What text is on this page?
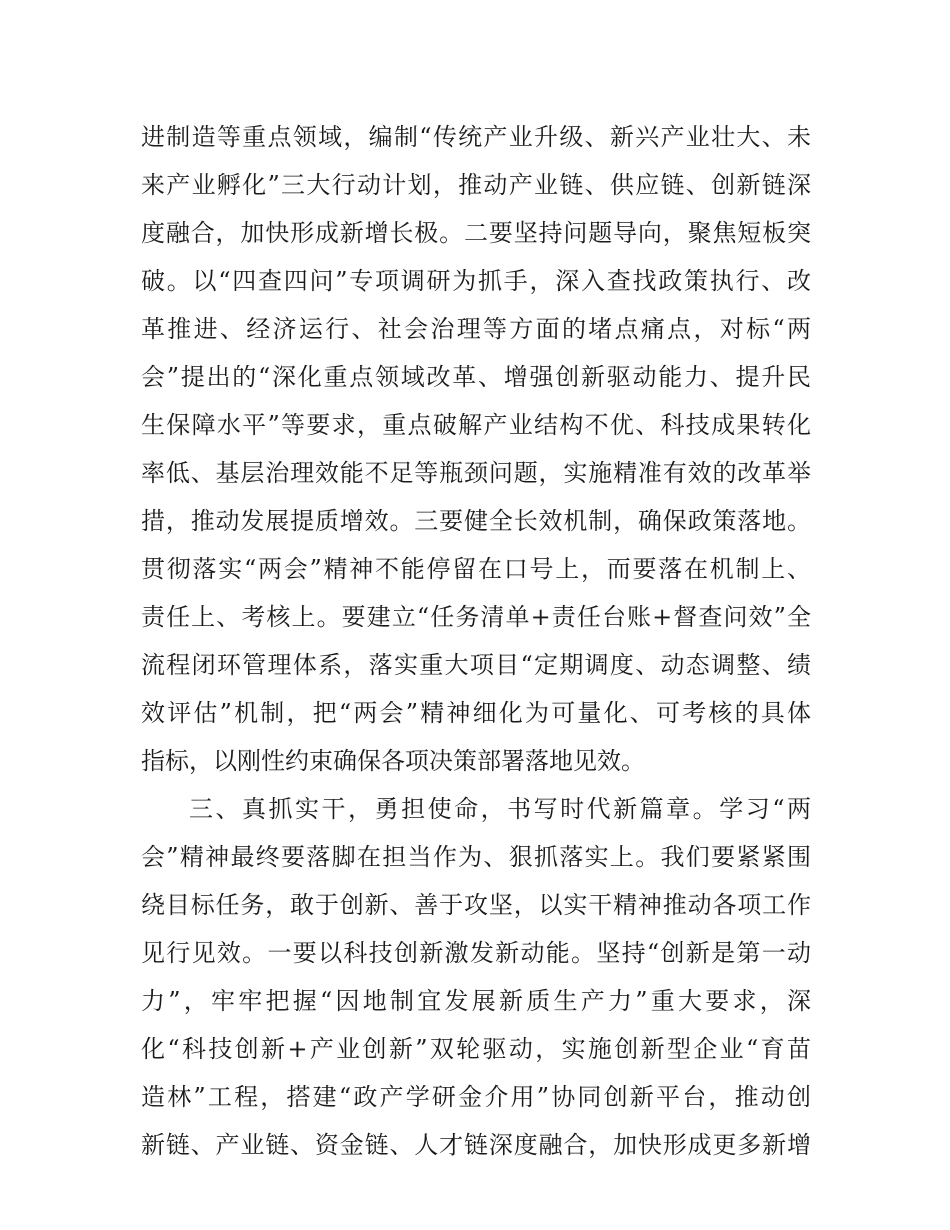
进制造等重点领域，编制“传统产业升级、新兴产业壮大、未
来产业孵化”三大行动计划，推动产业链、供应链、创新链深
度融合，加快形成新增长极。二要坚持问题导向，聚焦短板突
破。以“四查四问”专项调研为抓手，深入查找政策执行、改
革推进、经济运行、社会治理等方面的堵点痛点，对标“两
会”提出的“深化重点领域改革、增强创新驱动能力、提升民
生保障水平”等要求，重点破解产业结构不优、科技成果转化
率低、基层治理效能不足等瓶颈问题，实施精准有效的改革举
措，推动发展提质增效。三要健全长效机制，确保政策落地。
贯彻落实“两会”精神不能停留在口号上，而要落在机制上、
责任上、考核上。要建立“任务清单+责任台账+督查问效”全
流程闭环管理体系，落实重大项目“定期调度、动态调整、绩
效评估”机制，把“两会”精神细化为可量化、可考核的具体
指标，以刚性约束确保各项决策部署落地见效。
三、真抓实干，勇担使命，书写时代新篇章。学习“两
会”精神最终要落脚在担当作为、狠抓落实上。我们要紧紧围
绕目标任务，敢于创新、善于攻坚，以实干精神推动各项工作
见行见效。一要以科技创新激发新动能。坚持“创新是第一动
力”，牢牢把握“因地制宜发展新质生产力”重大要求，深
化“科技创新+产业创新”双轮驱动，实施创新型企业“育苗
造林”工程，搭建“政产学研金介用”协同创新平台，推动创
新链、产业链、资金链、人才链深度融合，加快形成更多新增
